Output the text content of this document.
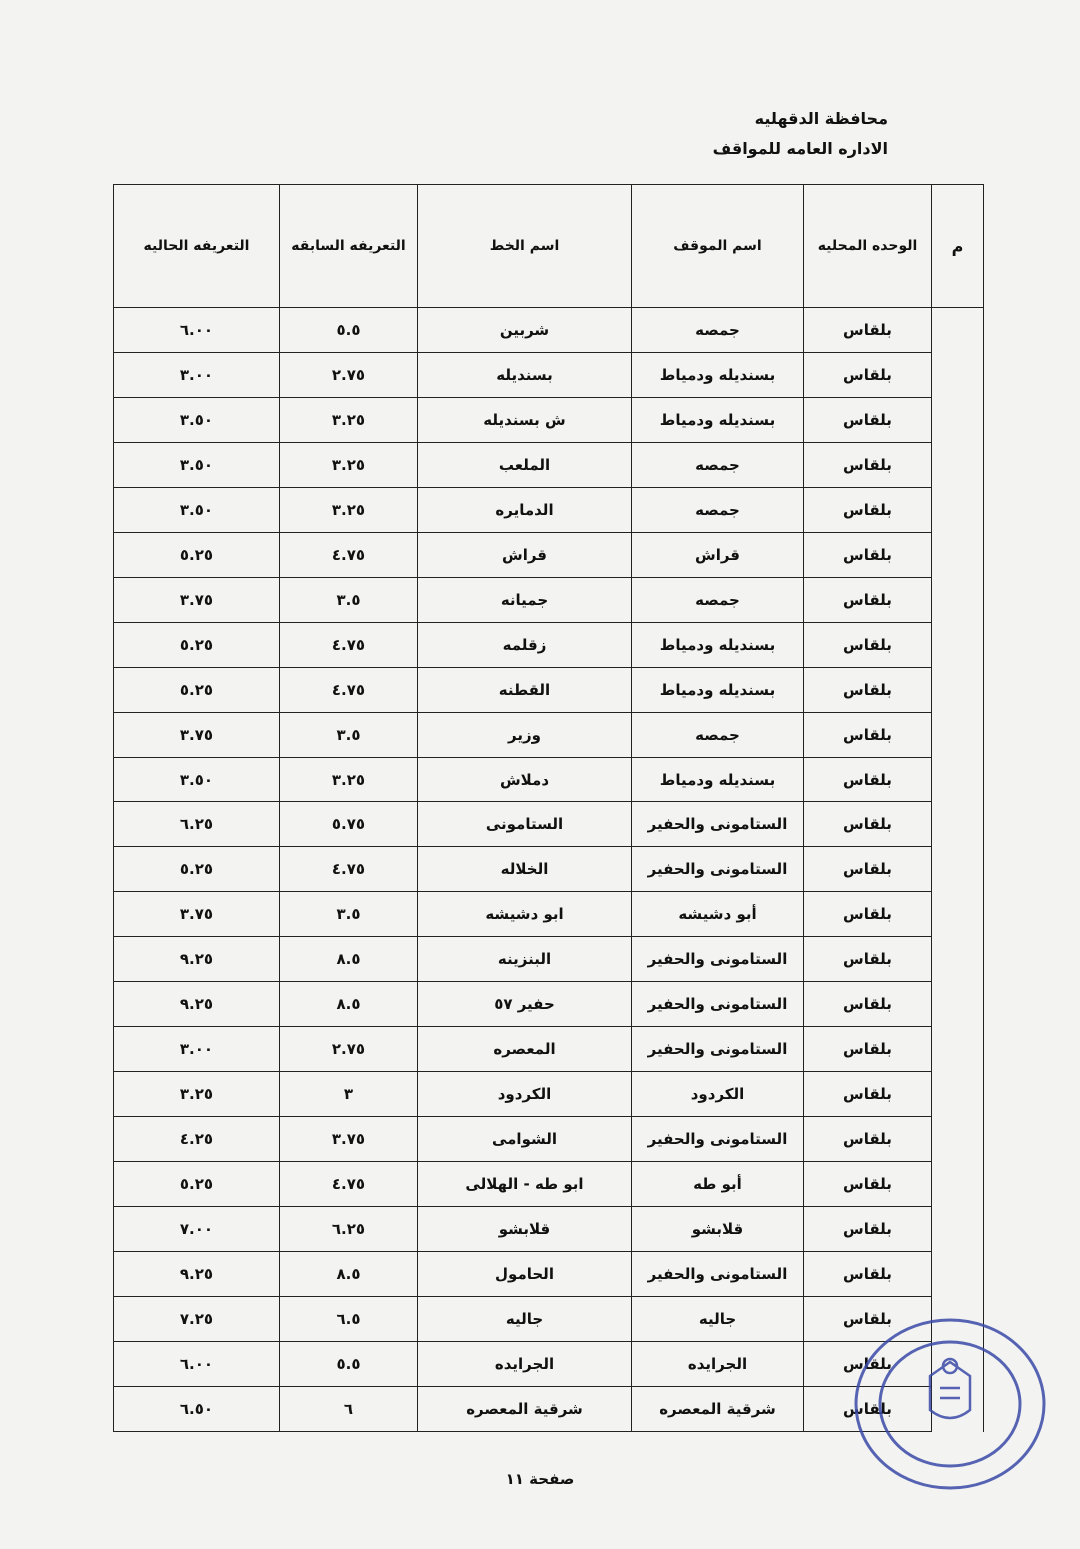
محافظة الدقهليه
الاداره العامه للمواقف
م	الوحده المحليه	اسم الموقف	اسم الخط	التعريفه السابقه	التعريفه الحاليه
	بلقاس	جمصه	شربين	٥.٥	٦.٠٠
	بلقاس	بسنديله ودمياط	بسنديله	٢.٧٥	٣.٠٠
	بلقاس	بسنديله ودمياط	ش بسنديله	٣.٢٥	٣.٥٠
	بلقاس	جمصه	الملعب	٣.٢٥	٣.٥٠
	بلقاس	جمصه	الدمايره	٣.٢٥	٣.٥٠
	بلقاس	قراش	قراش	٤.٧٥	٥.٢٥
	بلقاس	جمصه	جميانه	٣.٥	٣.٧٥
	بلقاس	بسنديله ودمياط	زقلمه	٤.٧٥	٥.٢٥
	بلقاس	بسنديله ودمياط	القطنه	٤.٧٥	٥.٢٥
	بلقاس	جمصه	وزير	٣.٥	٣.٧٥
	بلقاس	بسنديله ودمياط	دملاش	٣.٢٥	٣.٥٠
	بلقاس	الستامونى والحفير	الستامونى	٥.٧٥	٦.٢٥
	بلقاس	الستامونى والحفير	الخلاله	٤.٧٥	٥.٢٥
	بلقاس	أبو دشيشه	ابو دشيشه	٣.٥	٣.٧٥
	بلقاس	الستامونى والحفير	البنزينه	٨.٥	٩.٢٥
	بلقاس	الستامونى والحفير	حفير ٥٧	٨.٥	٩.٢٥
	بلقاس	الستامونى والحفير	المعصره	٢.٧٥	٣.٠٠
	بلقاس	الكردود	الكردود	٣	٣.٢٥
	بلقاس	الستامونى والحفير	الشوامى	٣.٧٥	٤.٢٥
	بلقاس	أبو طه	ابو طه - الهلالى	٤.٧٥	٥.٢٥
	بلقاس	قلابشو	قلابشو	٦.٢٥	٧.٠٠
	بلقاس	الستامونى والحفير	الحامول	٨.٥	٩.٢٥
	بلقاس	جاليه	جاليه	٦.٥	٧.٢٥
	بلقاس	الجرايده	الجرايده	٥.٥	٦.٠٠
	بلقاس	شرقية المعصره	شرقية المعصره	٦	٦.٥٠
صفحة ١١
